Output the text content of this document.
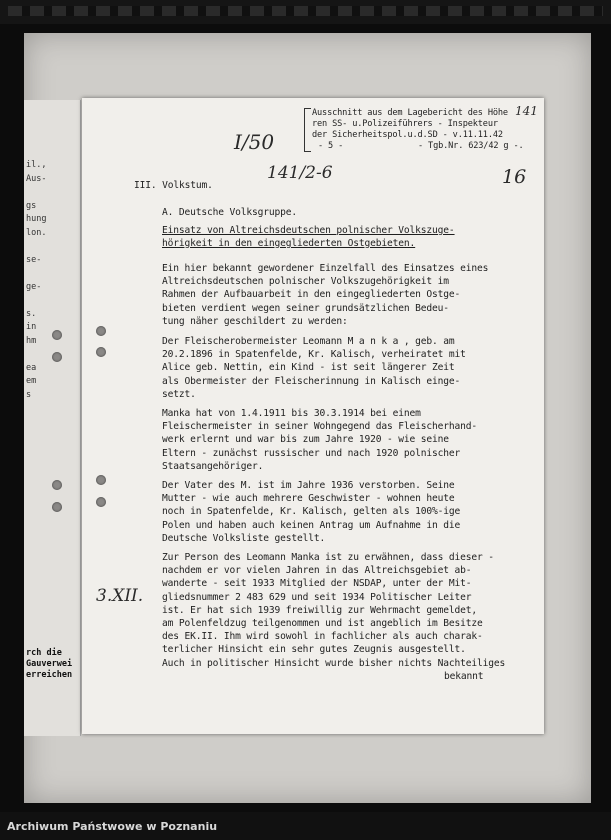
il.,
Aus-
gs
hung
lon.
se-
ge-
s.
in
hm
ea
em
s
rch die
Gauverwei
erreichen
141
I/50
141/2-6	16
3.XII.
Ausschnitt aus dem Lagebericht des Höhe
ren SS- u.Polizeiführers - Inspekteur
der Sicherheitspol.u.d.SD - v.11.11.42
- 5 -	- Tgb.Nr. 623/42 g -.
III. Volkstum.
A. Deutsche Volksgruppe.
Einsatz von Altreichsdeutschen polnischer Volkszuge-
hörigkeit in den eingegliederten Ostgebieten.
Ein hier bekannt gewordener Einzelfall des Einsatzes eines
Altreichsdeutschen polnischer Volkszugehörigkeit im
Rahmen der Aufbauarbeit in den eingegliederten Ostge-
bieten verdient wegen seiner grundsätzlichen Bedeu-
tung näher geschildert zu werden:
Der Fleischerobermeister Leomann M a n k a , geb. am
20.2.1896 in Spatenfelde, Kr. Kalisch, verheiratet mit
Alice geb. Nettin, ein Kind - ist seit längerer Zeit
als Obermeister der Fleischerinnung in Kalisch einge-
setzt.
Manka hat von 1.4.1911 bis 30.3.1914 bei einem
Fleischermeister in seiner Wohngegend das Fleischerhand-
werk erlernt und war bis zum Jahre 1920 - wie seine
Eltern - zunächst russischer und nach 1920 polnischer
Staatsangehöriger.
Der Vater des M. ist im Jahre 1936 verstorben. Seine
Mutter - wie auch mehrere Geschwister - wohnen heute
noch in Spatenfelde, Kr. Kalisch, gelten als 100%-ige
Polen und haben auch keinen Antrag um Aufnahme in die
Deutsche Volksliste gestellt.
Zur Person des Leomann Manka ist zu erwähnen, dass dieser -
nachdem er vor vielen Jahren in das Altreichsgebiet ab-
wanderte - seit 1933 Mitglied der NSDAP, unter der Mit-
gliedsnummer 2 483 629 und seit 1934 Politischer Leiter
ist. Er hat sich 1939 freiwillig zur Wehrmacht gemeldet,
am Polenfeldzug teilgenommen und ist angeblich im Besitze
des EK.II. Ihm wird sowohl in fachlicher als auch charak-
terlicher Hinsicht ein sehr gutes Zeugnis ausgestellt.
Auch in politischer Hinsicht wurde bisher nichts Nachteiliges
bekannt
Archiwum Państwowe w Poznaniu
